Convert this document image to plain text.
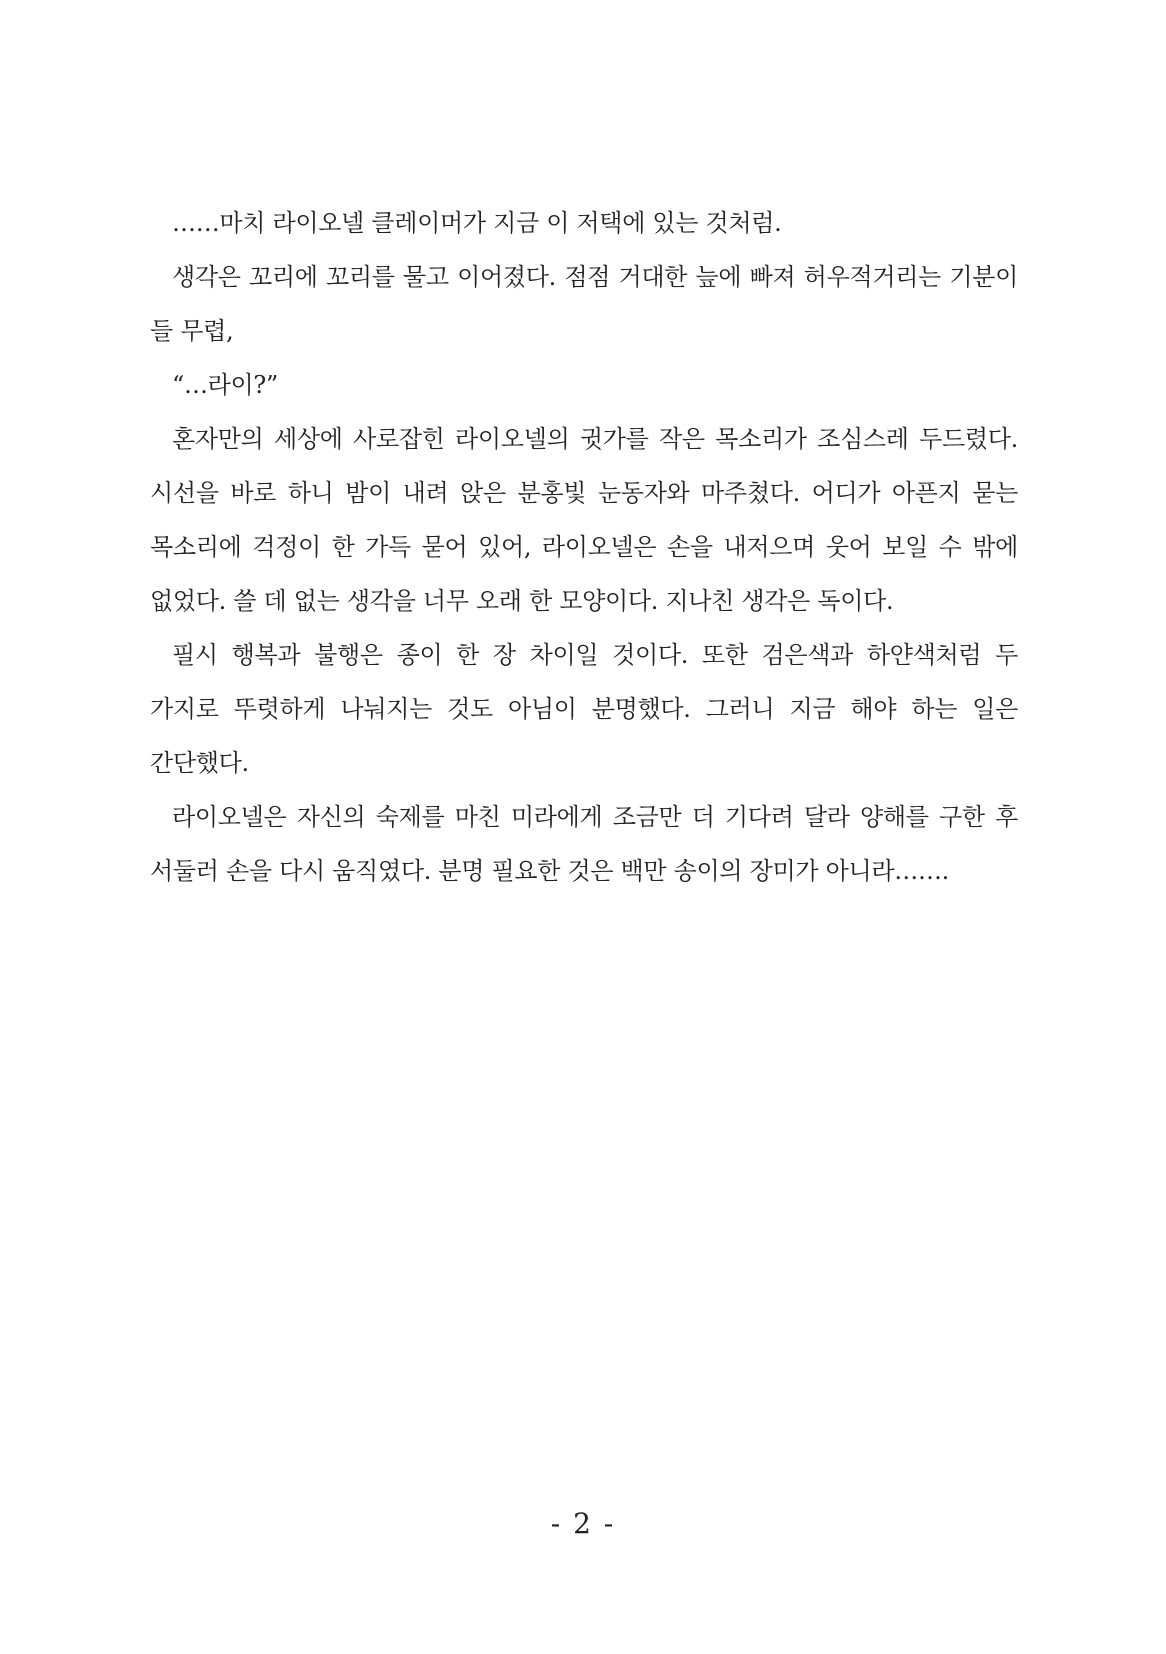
……마치 라이오넬 클레이머가 지금 이 저택에 있는 것처럼.

생각은 꼬리에 꼬리를 물고 이어졌다. 점점 거대한 늪에 빠져 허우적거리는 기분이 들 무렵,

“…라이?”

혼자만의 세상에 사로잡힌 라이오넬의 귓가를 작은 목소리가 조심스레 두드렸다. 시선을 바로 하니 밤이 내려 앉은 분홍빛 눈동자와 마주쳤다. 어디가 아픈지 묻는 목소리에 걱정이 한 가득 묻어 있어, 라이오넬은 손을 내저으며 웃어 보일 수 밖에 없었다. 쓸 데 없는 생각을 너무 오래 한 모양이다. 지나친 생각은 독이다.

필시 행복과 불행은 종이 한 장 차이일 것이다. 또한 검은색과 하얀색처럼 두 가지로 뚜렷하게 나눠지는 것도 아님이 분명했다. 그러니 지금 해야 하는 일은 간단했다.

라이오넬은 자신의 숙제를 마친 미라에게 조금만 더 기다려 달라 양해를 구한 후 서둘러 손을 다시 움직였다. 분명 필요한 것은 백만 송이의 장미가 아니라…….

- 2 -
